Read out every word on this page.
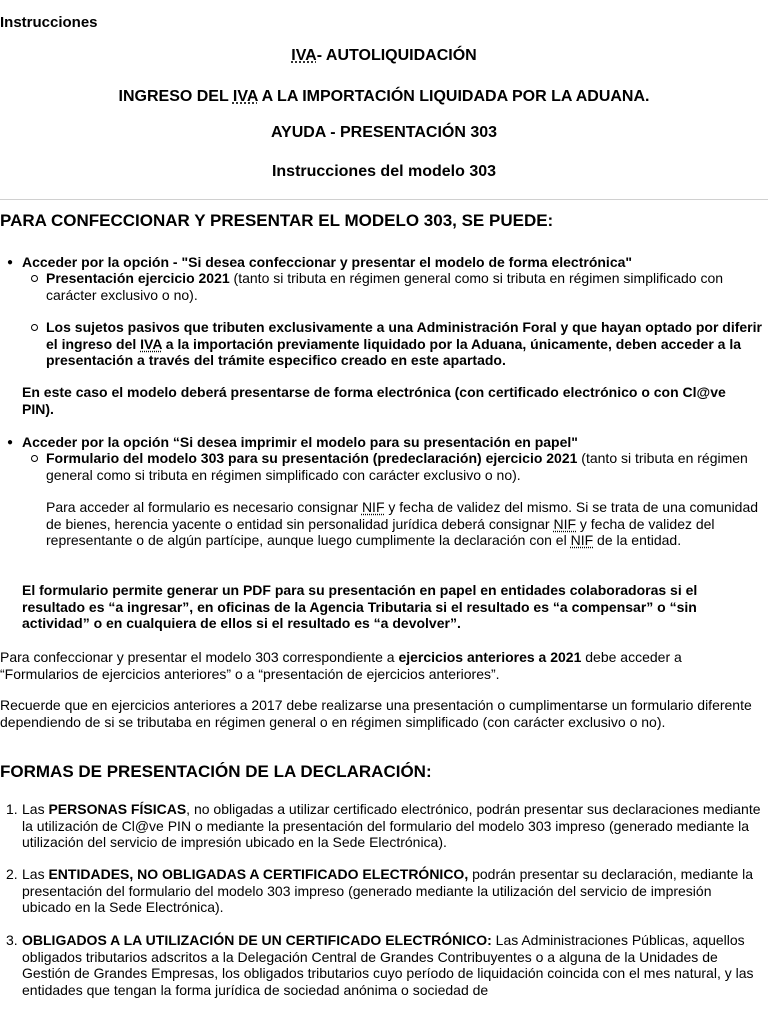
Instrucciones

IVA- AUTOLIQUIDACIÓN

INGRESO DEL IVA A LA IMPORTACIÓN LIQUIDADA POR LA ADUANA.

AYUDA - PRESENTACIÓN 303

Instrucciones del modelo 303

PARA CONFECCIONAR Y PRESENTAR EL MODELO 303, SE PUEDE:
● Acceder por la opción - "Si desea confeccionar y presentar el modelo de forma electrónica"

Presentación ejercicio 2021 (tanto si tributa en régimen general como si tributa en régimen simplificado con carácter exclusivo o no).

Los sujetos pasivos que tributen exclusivamente a una Administración Foral y que hayan optado por diferir el ingreso del IVA a la importación previamente liquidado por la Aduana, únicamente, deben acceder a la presentación a través del trámite especifico creado en este apartado.

En este caso el modelo deberá presentarse de forma electrónica (con certificado electrónico o con Cl@ve PIN).

● Acceder por la opción “Si desea imprimir el modelo para su presentación en papel"

Formulario del modelo 303 para su presentación (predeclaración) ejercicio 2021 (tanto si tributa en régimen general como si tributa en régimen simplificado con carácter exclusivo o no).

Para acceder al formulario es necesario consignar NIF y fecha de validez del mismo. Si se trata de una comunidad de bienes, herencia yacente o entidad sin personalidad jurídica deberá consignar NIF y fecha de validez del representante o de algún partícipe, aunque luego cumplimente la declaración con el NIF de la entidad.

El formulario permite generar un PDF para su presentación en papel en entidades colaboradoras si el resultado es “a ingresar”, en oficinas de la Agencia Tributaria si el resultado es “a compensar” o “sin actividad” o en cualquiera de ellos si el resultado es “a devolver”.

Para confeccionar y presentar el modelo 303 correspondiente a ejercicios anteriores a 2021 debe acceder a “Formularios de ejercicios anteriores” o a “presentación de ejercicios anteriores”.

Recuerde que en ejercicios anteriores a 2017 debe realizarse una presentación o cumplimentarse un formulario diferente dependiendo de si se tributaba en régimen general o en régimen simplificado (con carácter exclusivo o no).

FORMAS DE PRESENTACIÓN DE LA DECLARACIÓN:
1. Las PERSONAS FÍSICAS, no obligadas a utilizar certificado electrónico, podrán presentar sus declaraciones mediante la utilización de Cl@ve PIN o mediante la presentación del formulario del modelo 303 impreso (generado mediante la utilización del servicio de impresión ubicado en la Sede Electrónica).

2. Las ENTIDADES, NO OBLIGADAS A CERTIFICADO ELECTRÓNICO, podrán presentar su declaración, mediante la presentación del formulario del modelo 303 impreso (generado mediante la utilización del servicio de impresión ubicado en la Sede Electrónica).

3. OBLIGADOS A LA UTILIZACIÓN DE UN CERTIFICADO ELECTRÓNICO: Las Administraciones Públicas, aquellos obligados tributarios adscritos a la Delegación Central de Grandes Contribuyentes o a alguna de la Unidades de Gestión de Grandes Empresas, los obligados tributarios cuyo período de liquidación coincida con el mes natural, y las entidades que tengan la forma jurídica de sociedad anónima o sociedad de
